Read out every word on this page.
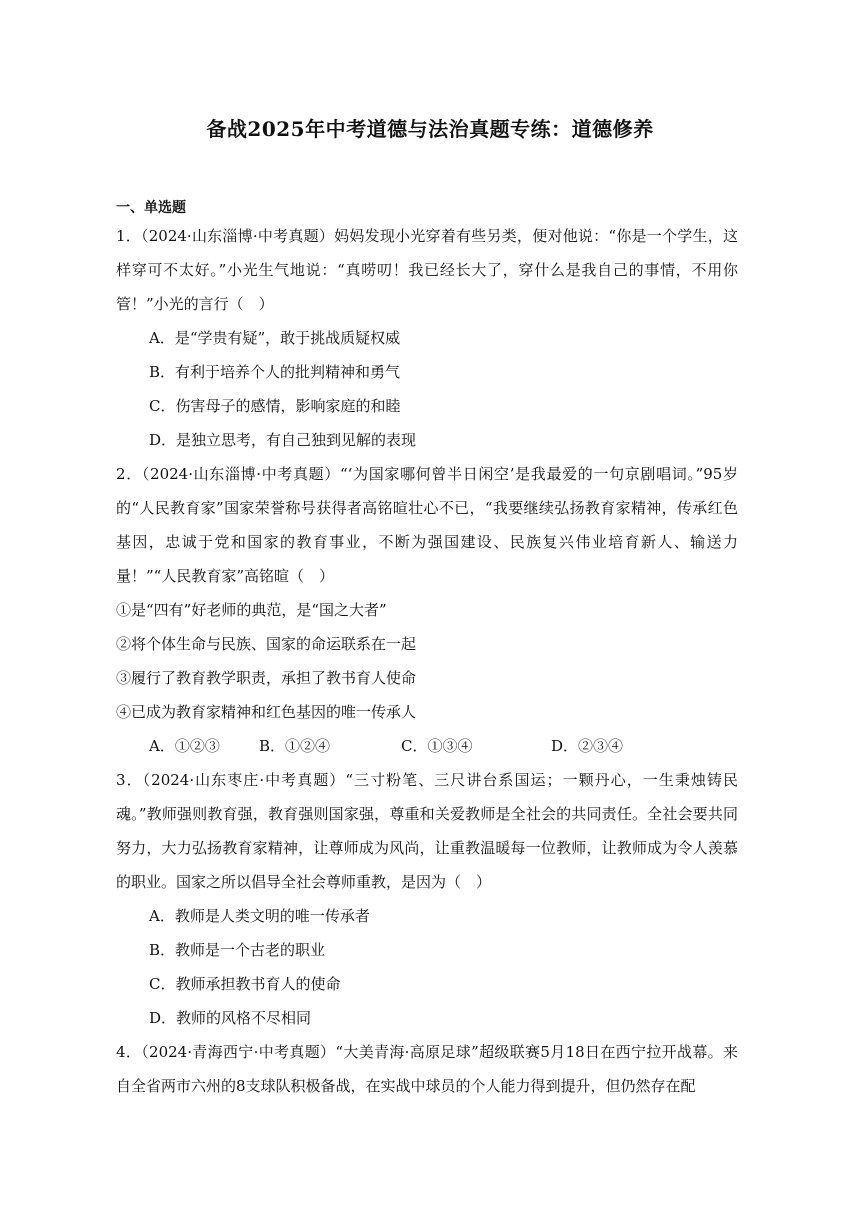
备战2025年中考道德与法治真题专练：道德修养
一、单选题

1．（2024·山东淄博·中考真题）妈妈发现小光穿着有些另类，便对他说：“你是一个学生，这样穿可不太好。”小光生气地说：“真唠叨！我已经长大了，穿什么是我自己的事情，不用你管！”小光的言行（　）

A．是“学贵有疑”，敢于挑战质疑权威

B．有利于培养个人的批判精神和勇气

C．伤害母子的感情，影响家庭的和睦

D．是独立思考，有自己独到见解的表现

2．（2024·山东淄博·中考真题）“‘为国家哪何曾半日闲空’是我最爱的一句京剧唱词。”95岁的“人民教育家”国家荣誉称号获得者高铭暄壮心不已，“我要继续弘扬教育家精神，传承红色基因，忠诚于党和国家的教育事业，不断为强国建设、民族复兴伟业培育新人、输送力量！”“人民教育家”高铭暄（　）

①是“四有”好老师的典范，是“国之大者”

②将个体生命与民族、国家的命运联系在一起

③履行了教育教学职责，承担了教书育人使命

④已成为教育家精神和红色基因的唯一传承人

A．①②③	B．①②④	C．①③④	D．②③④

3．（2024·山东枣庄·中考真题）“三寸粉笔、三尺讲台系国运；一颗丹心，一生秉烛铸民魂。”教师强则教育强，教育强则国家强，尊重和关爱教师是全社会的共同责任。全社会要共同努力，大力弘扬教育家精神，让尊师成为风尚，让重教温暖每一位教师，让教师成为令人羡慕的职业。国家之所以倡导全社会尊师重教，是因为（　）

A．教师是人类文明的唯一传承者

B．教师是一个古老的职业

C．教师承担教书育人的使命

D．教师的风格不尽相同

4．（2024·青海西宁·中考真题）“大美青海·高原足球”超级联赛5月18日在西宁拉开战幕。来自全省两市六州的8支球队积极备战，在实战中球员的个人能力得到提升，但仍然存在配
